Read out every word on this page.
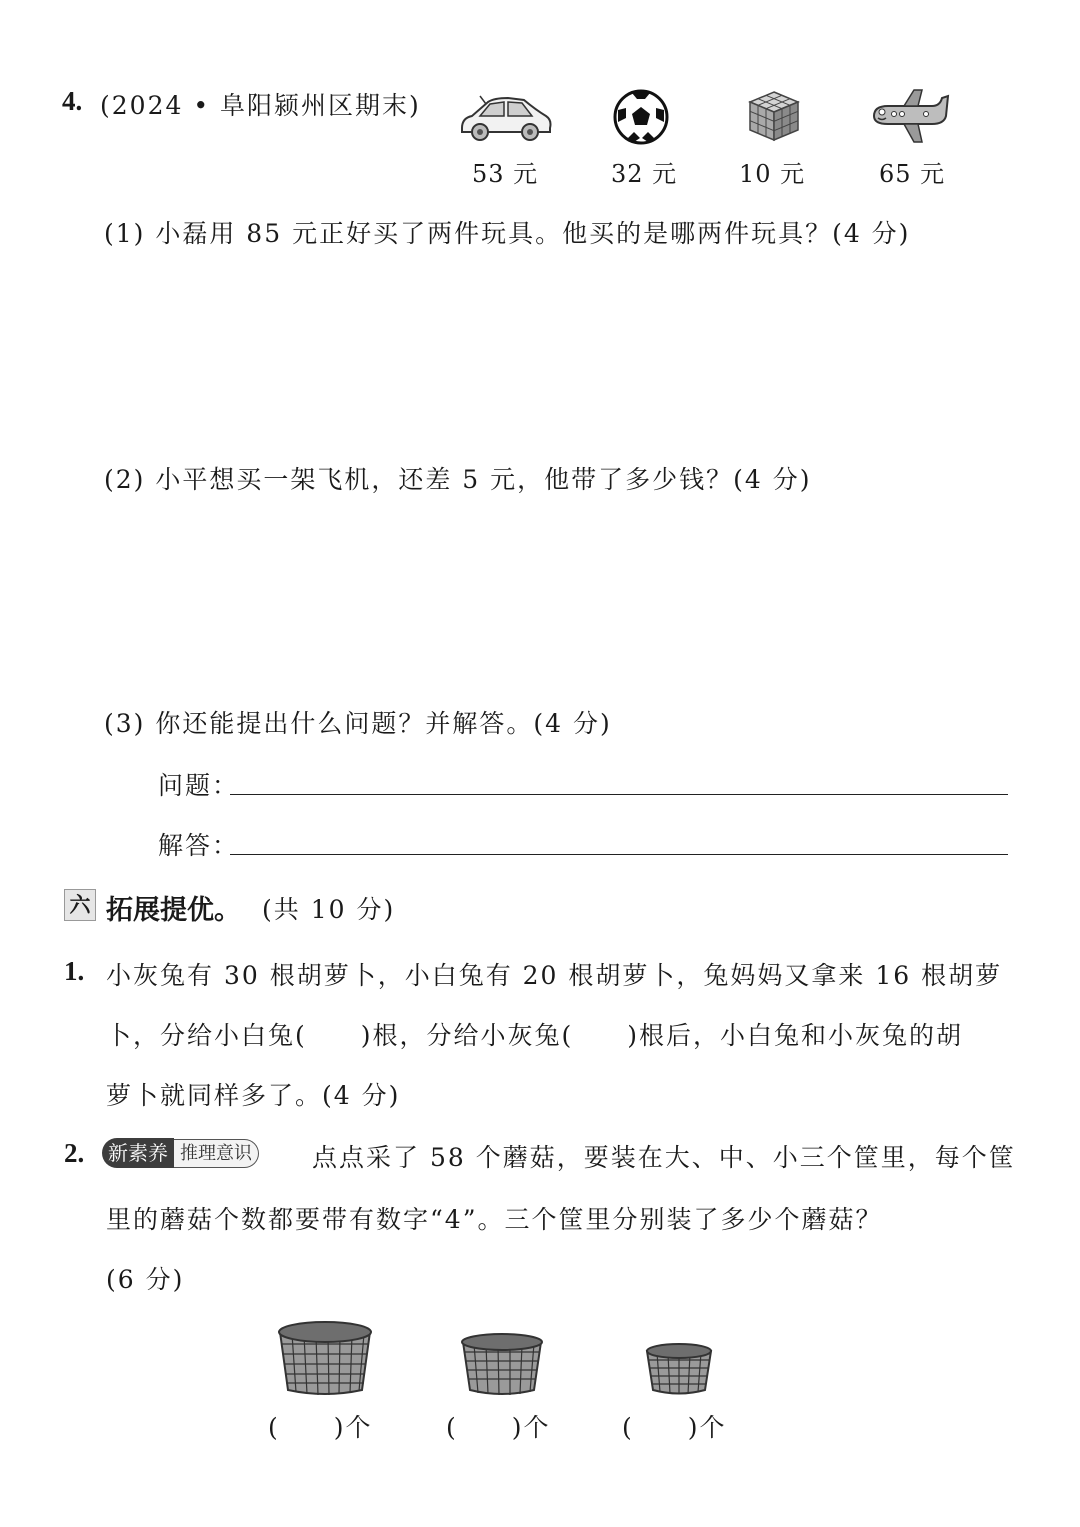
4. (2024 • 阜阳颍州区期末)
53 元	32 元	10 元	65 元
(1) 小磊用 85 元正好买了两件玩具。他买的是哪两件玩具？(4 分)
(2) 小平想买一架飞机，还差 5 元，他带了多少钱？(4 分)
(3) 你还能提出什么问题？并解答。(4 分)
问题：
解答：
六 拓展提优。 (共 10 分)
1. 小灰兔有 30 根胡萝卜，小白兔有 20 根胡萝卜，兔妈妈又拿来 16 根胡萝
卜，分给小白兔(　　)根，分给小灰兔(　　)根后，小白兔和小灰兔的胡
萝卜就同样多了。(4 分)
2.	新素养 推理意识 点点采了 58 个蘑菇，要装在大、中、小三个筐里，每个筐
里的蘑菇个数都要带有数字“4”。三个筐里分别装了多少个蘑菇？
(6 分)
(　　)个	(　　)个	(　　)个
